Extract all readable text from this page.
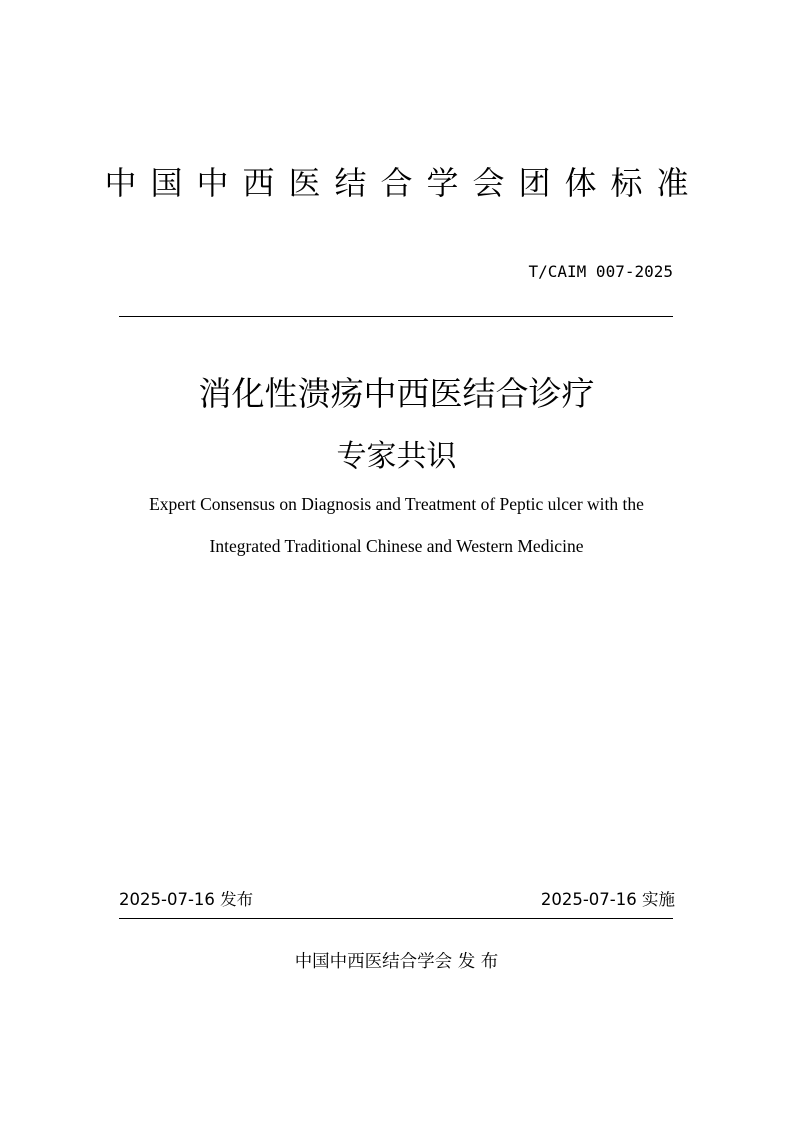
中国中西医结合学会团体标准
T/CAIM 007-2025
消化性溃疡中西医结合诊疗
专家共识
Expert Consensus on Diagnosis and Treatment of Peptic ulcer with the
Integrated Traditional Chinese and Western Medicine
2025-07-16 发布	2025-07-16 实施
中国中西医结合学会 发 布
